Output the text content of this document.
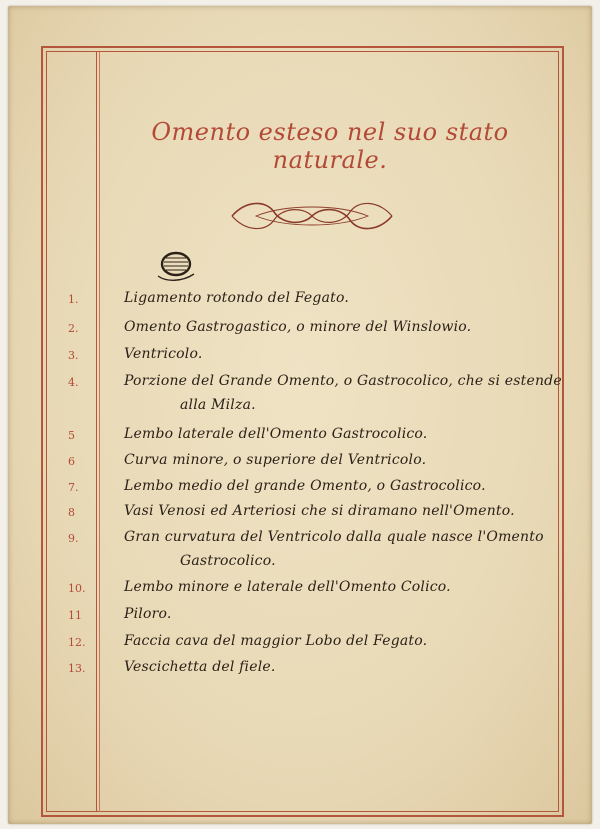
Omento esteso nel suo stato naturale.
1.	Ligamento rotondo del Fegato.
2.	Omento Gastrogastico, o minore del Winslowio.
3.	Ventricolo.
4.	Porzione del Grande Omento, o Gastrocolico, che si estende
alla Milza.
5	Lembo laterale dell'Omento Gastrocolico.
6	Curva minore, o superiore del Ventricolo.
7.	Lembo medio del grande Omento, o Gastrocolico.
8	Vasi Venosi ed Arteriosi che si diramano nell'Omento.
9.	Gran curvatura del Ventricolo dalla quale nasce l'Omento
Gastrocolico.
10.	Lembo minore e laterale dell'Omento Colico.
11	Piloro.
12.	Faccia cava del maggior Lobo del Fegato.
13.	Vescichetta del fiele.
